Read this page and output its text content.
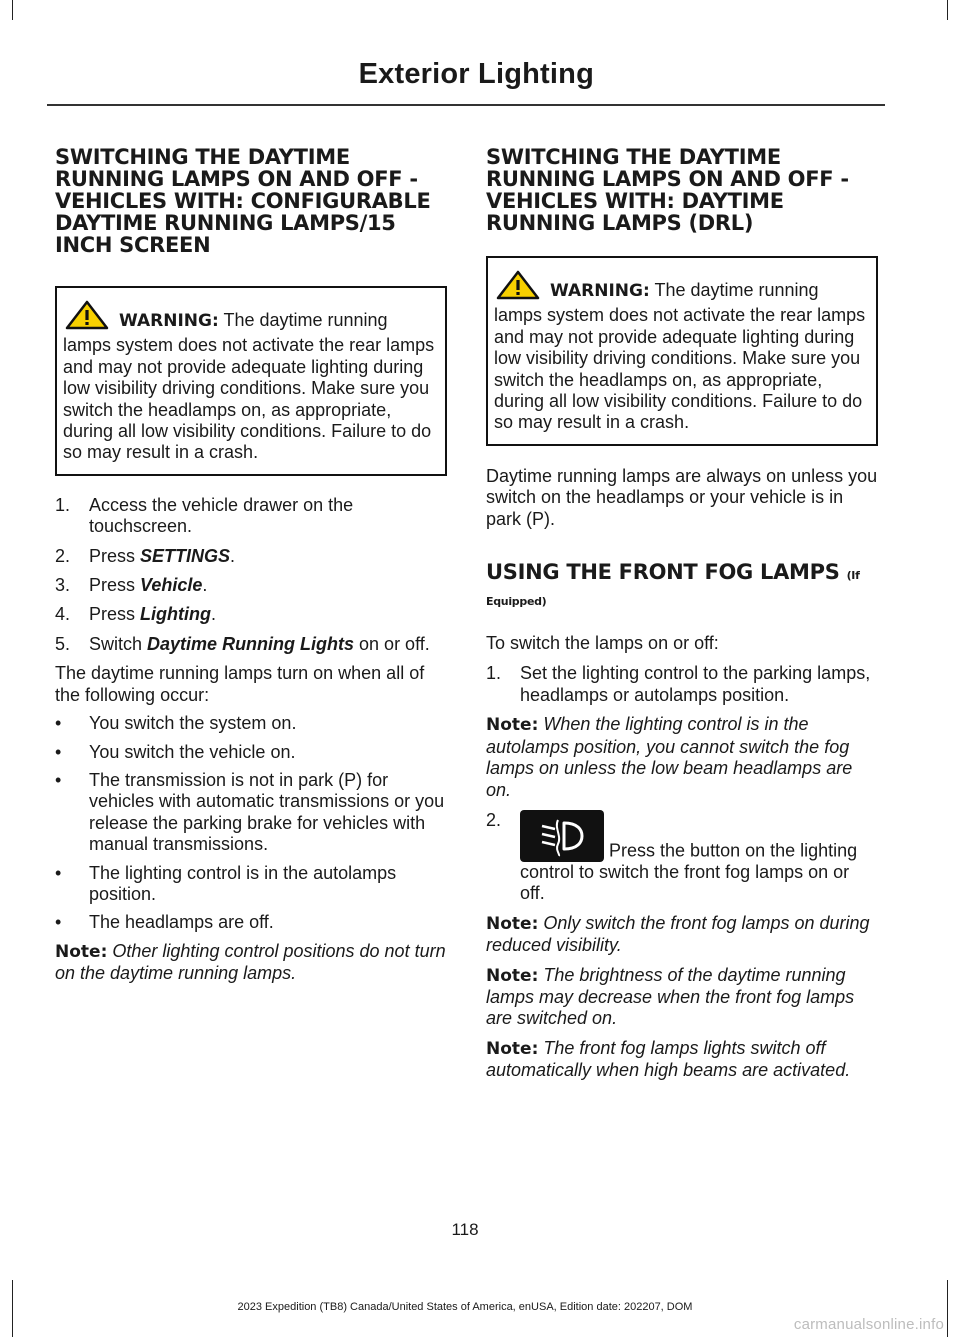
Exterior Lighting
SWITCHING THE DAYTIME RUNNING LAMPS ON AND OFF - VEHICLES WITH: CONFIGURABLE DAYTIME RUNNING LAMPS/15 INCH SCREEN
WARNING: The daytime running lamps system does not activate the rear lamps and may not provide adequate lighting during low visibility driving conditions. Make sure you switch the headlamps on, as appropriate, during all low visibility conditions. Failure to do so may result in a crash.
1. Access the vehicle drawer on the touchscreen.
2. Press SETTINGS.
3. Press Vehicle.
4. Press Lighting.
5. Switch Daytime Running Lights on or off.

The daytime running lamps turn on when all of the following occur:

• You switch the system on.
• You switch the vehicle on.
• The transmission is not in park (P) for vehicles with automatic transmissions or you release the parking brake for vehicles with manual transmissions.
• The lighting control is in the autolamps position.
• The headlamps are off.

Note: Other lighting control positions do not turn on the daytime running lamps.

SWITCHING THE DAYTIME RUNNING LAMPS ON AND OFF - VEHICLES WITH: DAYTIME RUNNING LAMPS (DRL)
WARNING: The daytime running lamps system does not activate the rear lamps and may not provide adequate lighting during low visibility driving conditions. Make sure you switch the headlamps on, as appropriate, during all low visibility conditions. Failure to do so may result in a crash.

Daytime running lamps are always on unless you switch on the headlamps or your vehicle is in park (P).

USING THE FRONT FOG LAMPS (If Equipped)

To switch the lamps on or off:

1. Set the lighting control to the parking lamps, headlamps or autolamps position.

Note: When the lighting control is in the autolamps position, you cannot switch the fog lamps on unless the low beam headlamps are on.

2.
Press the button on the lighting control to switch the front fog lamps on or off.

Note: Only switch the front fog lamps on during reduced visibility.

Note: The brightness of the daytime running lamps may decrease when the front fog lamps are switched on.

Note: The front fog lamps lights switch off automatically when high beams are activated.

118
2023 Expedition (TB8) Canada/United States of America, enUSA, Edition date: 202207, DOM
carmanualsonline.info
